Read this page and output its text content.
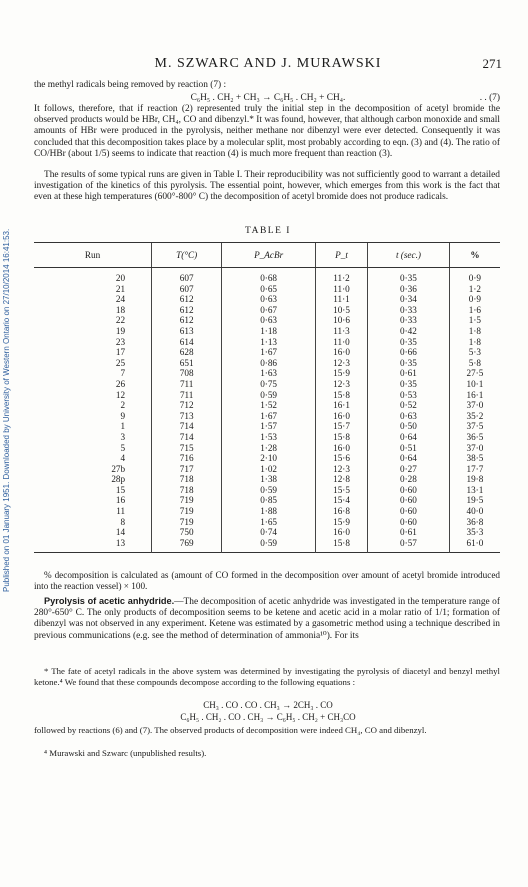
Published on 01 January 1951. Downloaded by University of Western Ontario on 27/10/2014 16:41:53.
M. SZWARC AND J. MURAWSKI	271
the methyl radicals being removed by reaction (7) :
C₆H₅ . CH₂ + CH₃ → C₆H₅ . CH₂ + CH₄.	. . (7)
It follows, therefore, that if reaction (2) represented truly the initial step in the decomposition of acetyl bromide the observed products would be HBr, CH₄, CO and dibenzyl.* It was found, however, that although carbon monoxide and small amounts of HBr were produced in the pyrolysis, neither methane nor dibenzyl were ever detected. Consequently it was concluded that this decomposition takes place by a molecular split, most probably according to eqn. (3) and (4). The ratio of CO/HBr (about 1/5) seems to indicate that reaction (4) is much more frequent than reaction (3).
The results of some typical runs are given in Table I. Their reproducibility was not sufficiently good to warrant a detailed investigation of the kinetics of this pyrolysis. The essential point, however, which emerges from this work is the fact that even at these high temperatures (600°-800° C) the decomposition of acetyl bromide does not produce radicals.
TABLE I
Run	T(°C)	P_AcBr	P_t	t (sec.)	%
20	607	0·68	11·2	0·35	0·9
21	607	0·65	11·0	0·36	1·2
24	612	0·63	11·1	0·34	0·9
18	612	0·67	10·5	0·33	1·6
22	612	0·63	10·6	0·33	1·5
19	613	1·18	11·3	0·42	1·8
23	614	1·13	11·0	0·35	1·8
17	628	1·67	16·0	0·66	5·3
25	651	0·86	12·3	0·35	5·8
7	708	1·63	15·9	0·61	27·5
26	711	0·75	12·3	0·35	10·1
12	711	0·59	15·8	0·53	16·1
2	712	1·52	16·1	0·52	37·0
9	713	1·67	16·0	0·63	35·2
1	714	1·57	15·7	0·50	37·5
3	714	1·53	15·8	0·64	36·5
5	715	1·28	16·0	0·51	37·0
4	716	2·10	15·6	0·64	38·5
27b	717	1·02	12·3	0·27	17·7
28p	718	1·38	12·8	0·28	19·8
15	718	0·59	15·5	0·60	13·1
16	719	0·85	15·4	0·60	19·5
11	719	1·88	16·8	0·60	40·0
8	719	1·65	15·9	0·60	36·8
14	750	0·74	16·0	0·61	35·3
13	769	0·59	15·8	0·57	61·0
% decomposition is calculated as (amount of CO formed in the decomposition over amount of acetyl bromide introduced into the reaction vessel) × 100.
Pyrolysis of acetic anhydride.—The decomposition of acetic anhydride was investigated in the temperature range of 280°-650° C. The only products of decomposition seems to be ketene and acetic acid in a molar ratio of 1/1; formation of dibenzyl was not observed in any experiment. Ketene was estimated by a gasometric method using a technique described in previous communications (e.g. see the method of determination of ammonia¹⁰). For its
* The fate of acetyl radicals in the above system was determined by investigating the pyrolysis of diacetyl and benzyl methyl ketone.⁴ We found that these compounds decompose according to the following equations :
CH₃ . CO . CO . CH₃ → 2CH₃ . CO
C₆H₅ . CH₂ . CO . CH₃ → C₆H₅ . CH₂ + CH₃CO
followed by reactions (6) and (7). The observed products of decomposition were indeed CH₄, CO and dibenzyl.
⁴ Murawski and Szwarc (unpublished results).
